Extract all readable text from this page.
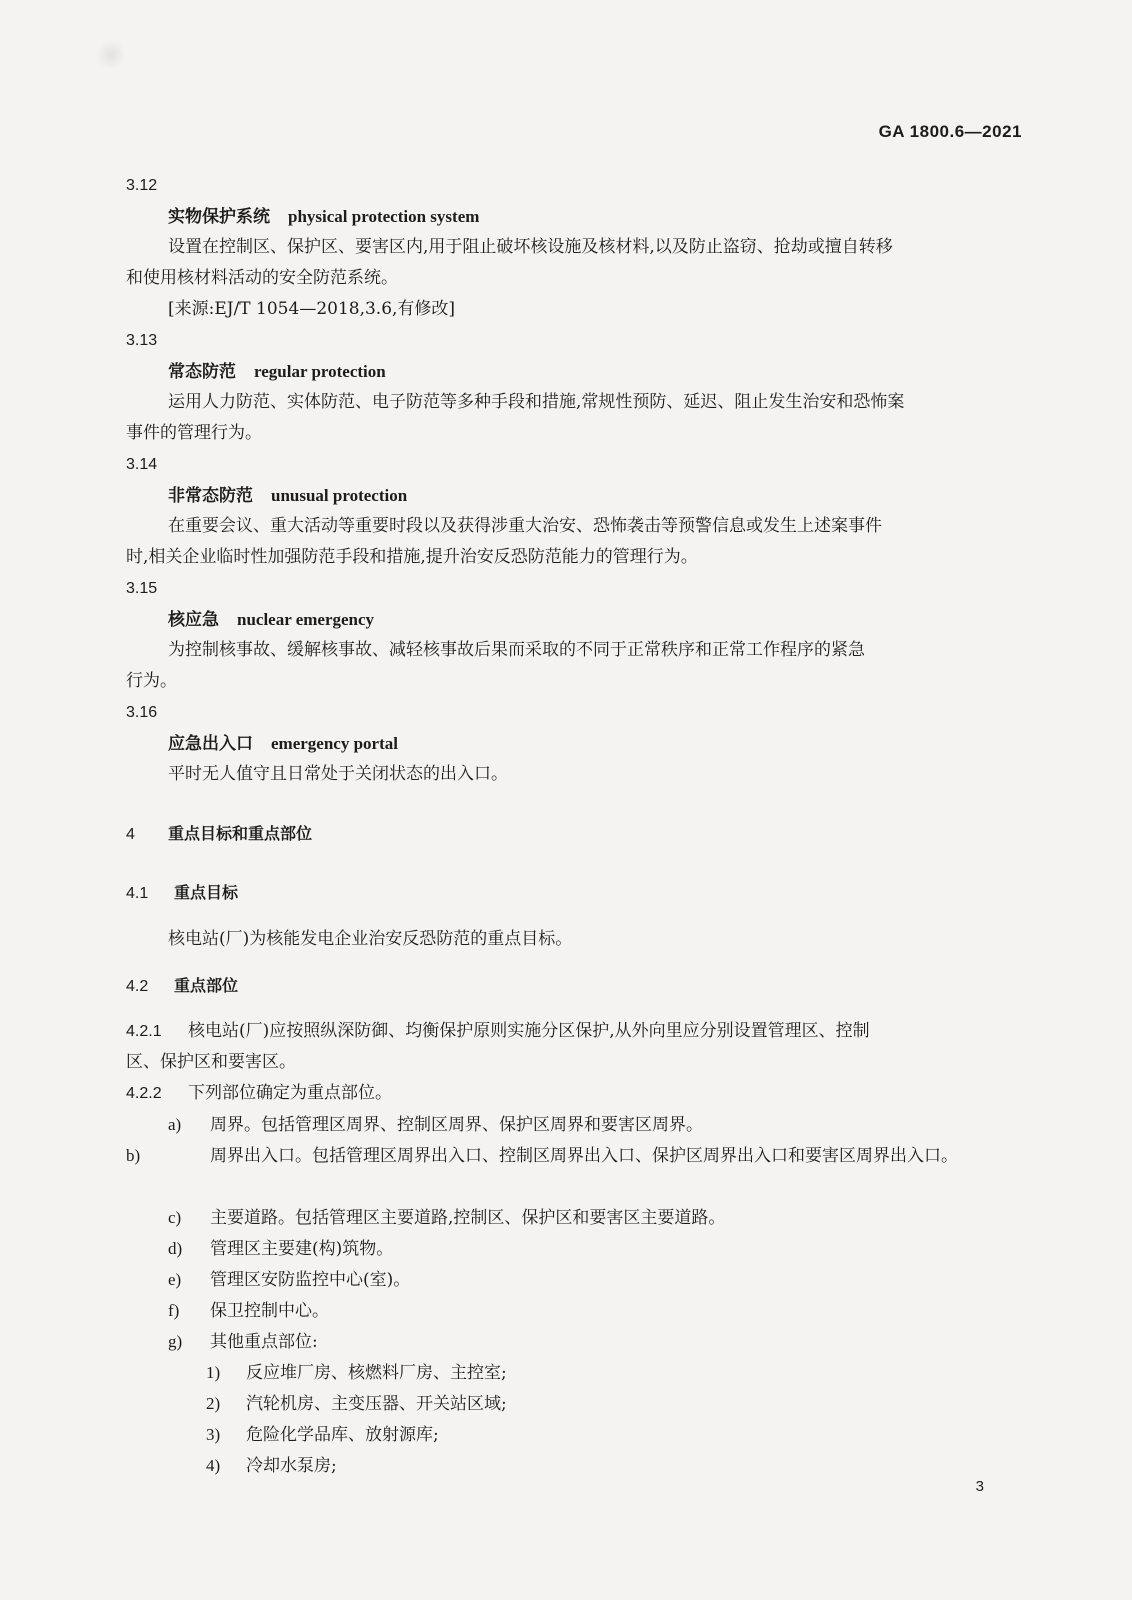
GA 1800.6—2021
3.12
实物保护系统 physical protection system
设置在控制区、保护区、要害区内,用于阻止破坏核设施及核材料,以及防止盗窃、抢劫或擅自转移
和使用核材料活动的安全防范系统。
[来源:EJ/T 1054—2018,3.6,有修改]
3.13
常态防范 regular protection
运用人力防范、实体防范、电子防范等多种手段和措施,常规性预防、延迟、阻止发生治安和恐怖案
事件的管理行为。
3.14
非常态防范 unusual protection
在重要会议、重大活动等重要时段以及获得涉重大治安、恐怖袭击等预警信息或发生上述案事件
时,相关企业临时性加强防范手段和措施,提升治安反恐防范能力的管理行为。
3.15
核应急 nuclear emergency
为控制核事故、缓解核事故、减轻核事故后果而采取的不同于正常秩序和正常工作程序的紧急
行为。
3.16
应急出入口 emergency portal
平时无人值守且日常处于关闭状态的出入口。
4 重点目标和重点部位
4.1 重点目标
核电站(厂)为核能发电企业治安反恐防范的重点目标。
4.2 重点部位
4.2.1 核电站(厂)应按照纵深防御、均衡保护原则实施分区保护,从外向里应分别设置管理区、控制
区、保护区和要害区。
4.2.2 下列部位确定为重点部位。
a) 周界。包括管理区周界、控制区周界、保护区周界和要害区周界。
b)	周界出入口。包括管理区周界出入口、控制区周界出入口、保护区周界出入口和要害区周界出入口。
c) 主要道路。包括管理区主要道路,控制区、保护区和要害区主要道路。
d) 管理区主要建(构)筑物。
e) 管理区安防监控中心(室)。
f) 保卫控制中心。
g) 其他重点部位:
1) 反应堆厂房、核燃料厂房、主控室;
2) 汽轮机房、主变压器、开关站区域;
3) 危险化学品库、放射源库;
4) 冷却水泵房;
3
